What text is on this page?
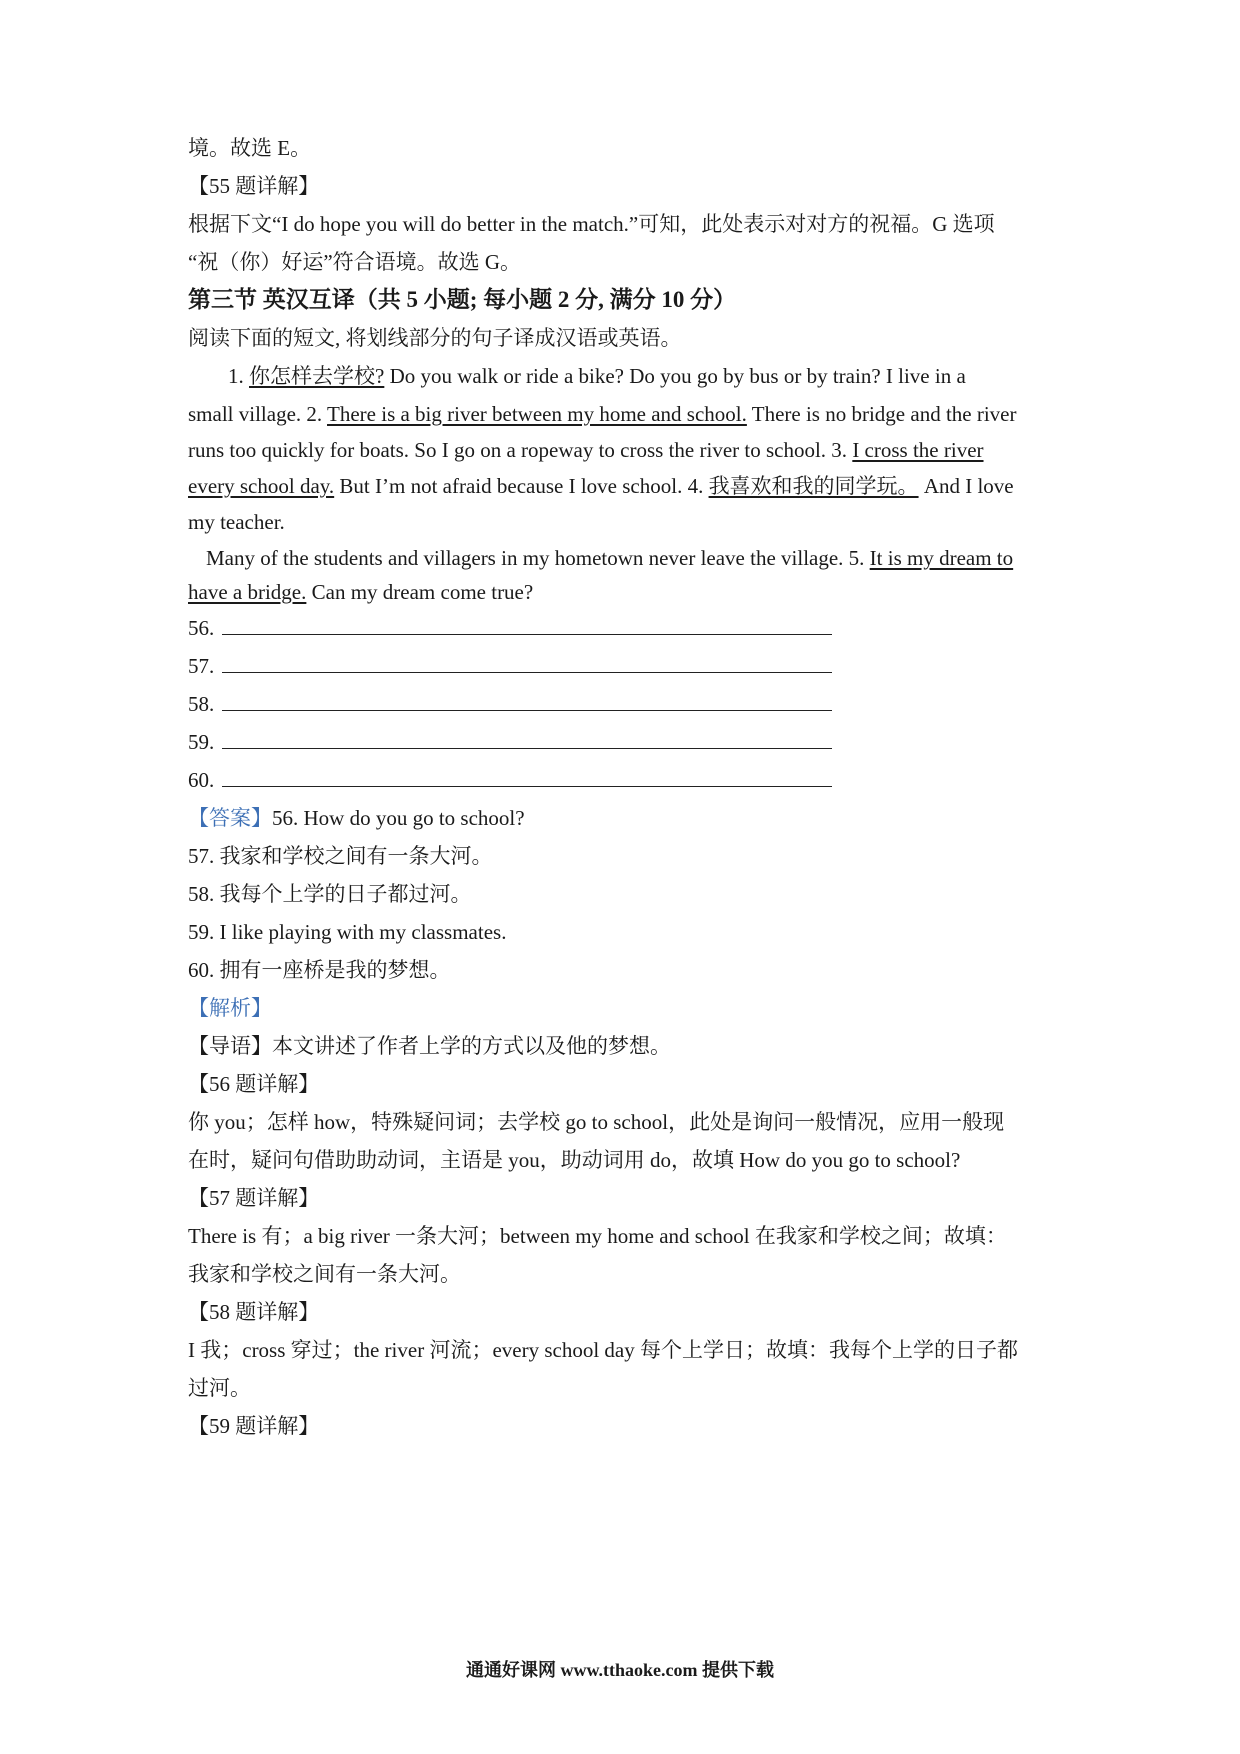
境。故选 E。
【55 题详解】
根据下文“I do hope you will do better in the match.”可知，此处表示对对方的祝福。G 选项
“祝（你）好运”符合语境。故选 G。
第三节 英汉互译（共 5 小题; 每小题 2 分, 满分 10 分）
阅读下面的短文, 将划线部分的句子译成汉语或英语。
1. 你怎样去学校? Do you walk or ride a bike? Do you go by bus or by train? I live in a
small village. 2. There is a big river between my home and school. There is no bridge and the river
runs too quickly for boats. So I go on a ropeway to cross the river to school. 3. I cross the river
every school day. But I’m not afraid because I love school. 4. 我喜欢和我的同学玩。 And I love
my teacher.
Many of the students and villagers in my hometown never leave the village. 5. It is my dream to
have a bridge. Can my dream come true?
56.
57.
58.
59.
60.
【答案】56. How do you go to school?
57. 我家和学校之间有一条大河。
58. 我每个上学的日子都过河。
59. I like playing with my classmates.
60. 拥有一座桥是我的梦想。
【解析】
【导语】本文讲述了作者上学的方式以及他的梦想。
【56 题详解】
你 you；怎样 how，特殊疑问词；去学校 go to school，此处是询问一般情况，应用一般现
在时，疑问句借助助动词，主语是 you，助动词用 do，故填 How do you go to school?
【57 题详解】
There is 有；a big river 一条大河；between my home and school 在我家和学校之间；故填：
我家和学校之间有一条大河。
【58 题详解】
I 我；cross 穿过；the river 河流；every school day 每个上学日；故填：我每个上学的日子都
过河。
【59 题详解】
通通好课网 www.tthaoke.com 提供下载
